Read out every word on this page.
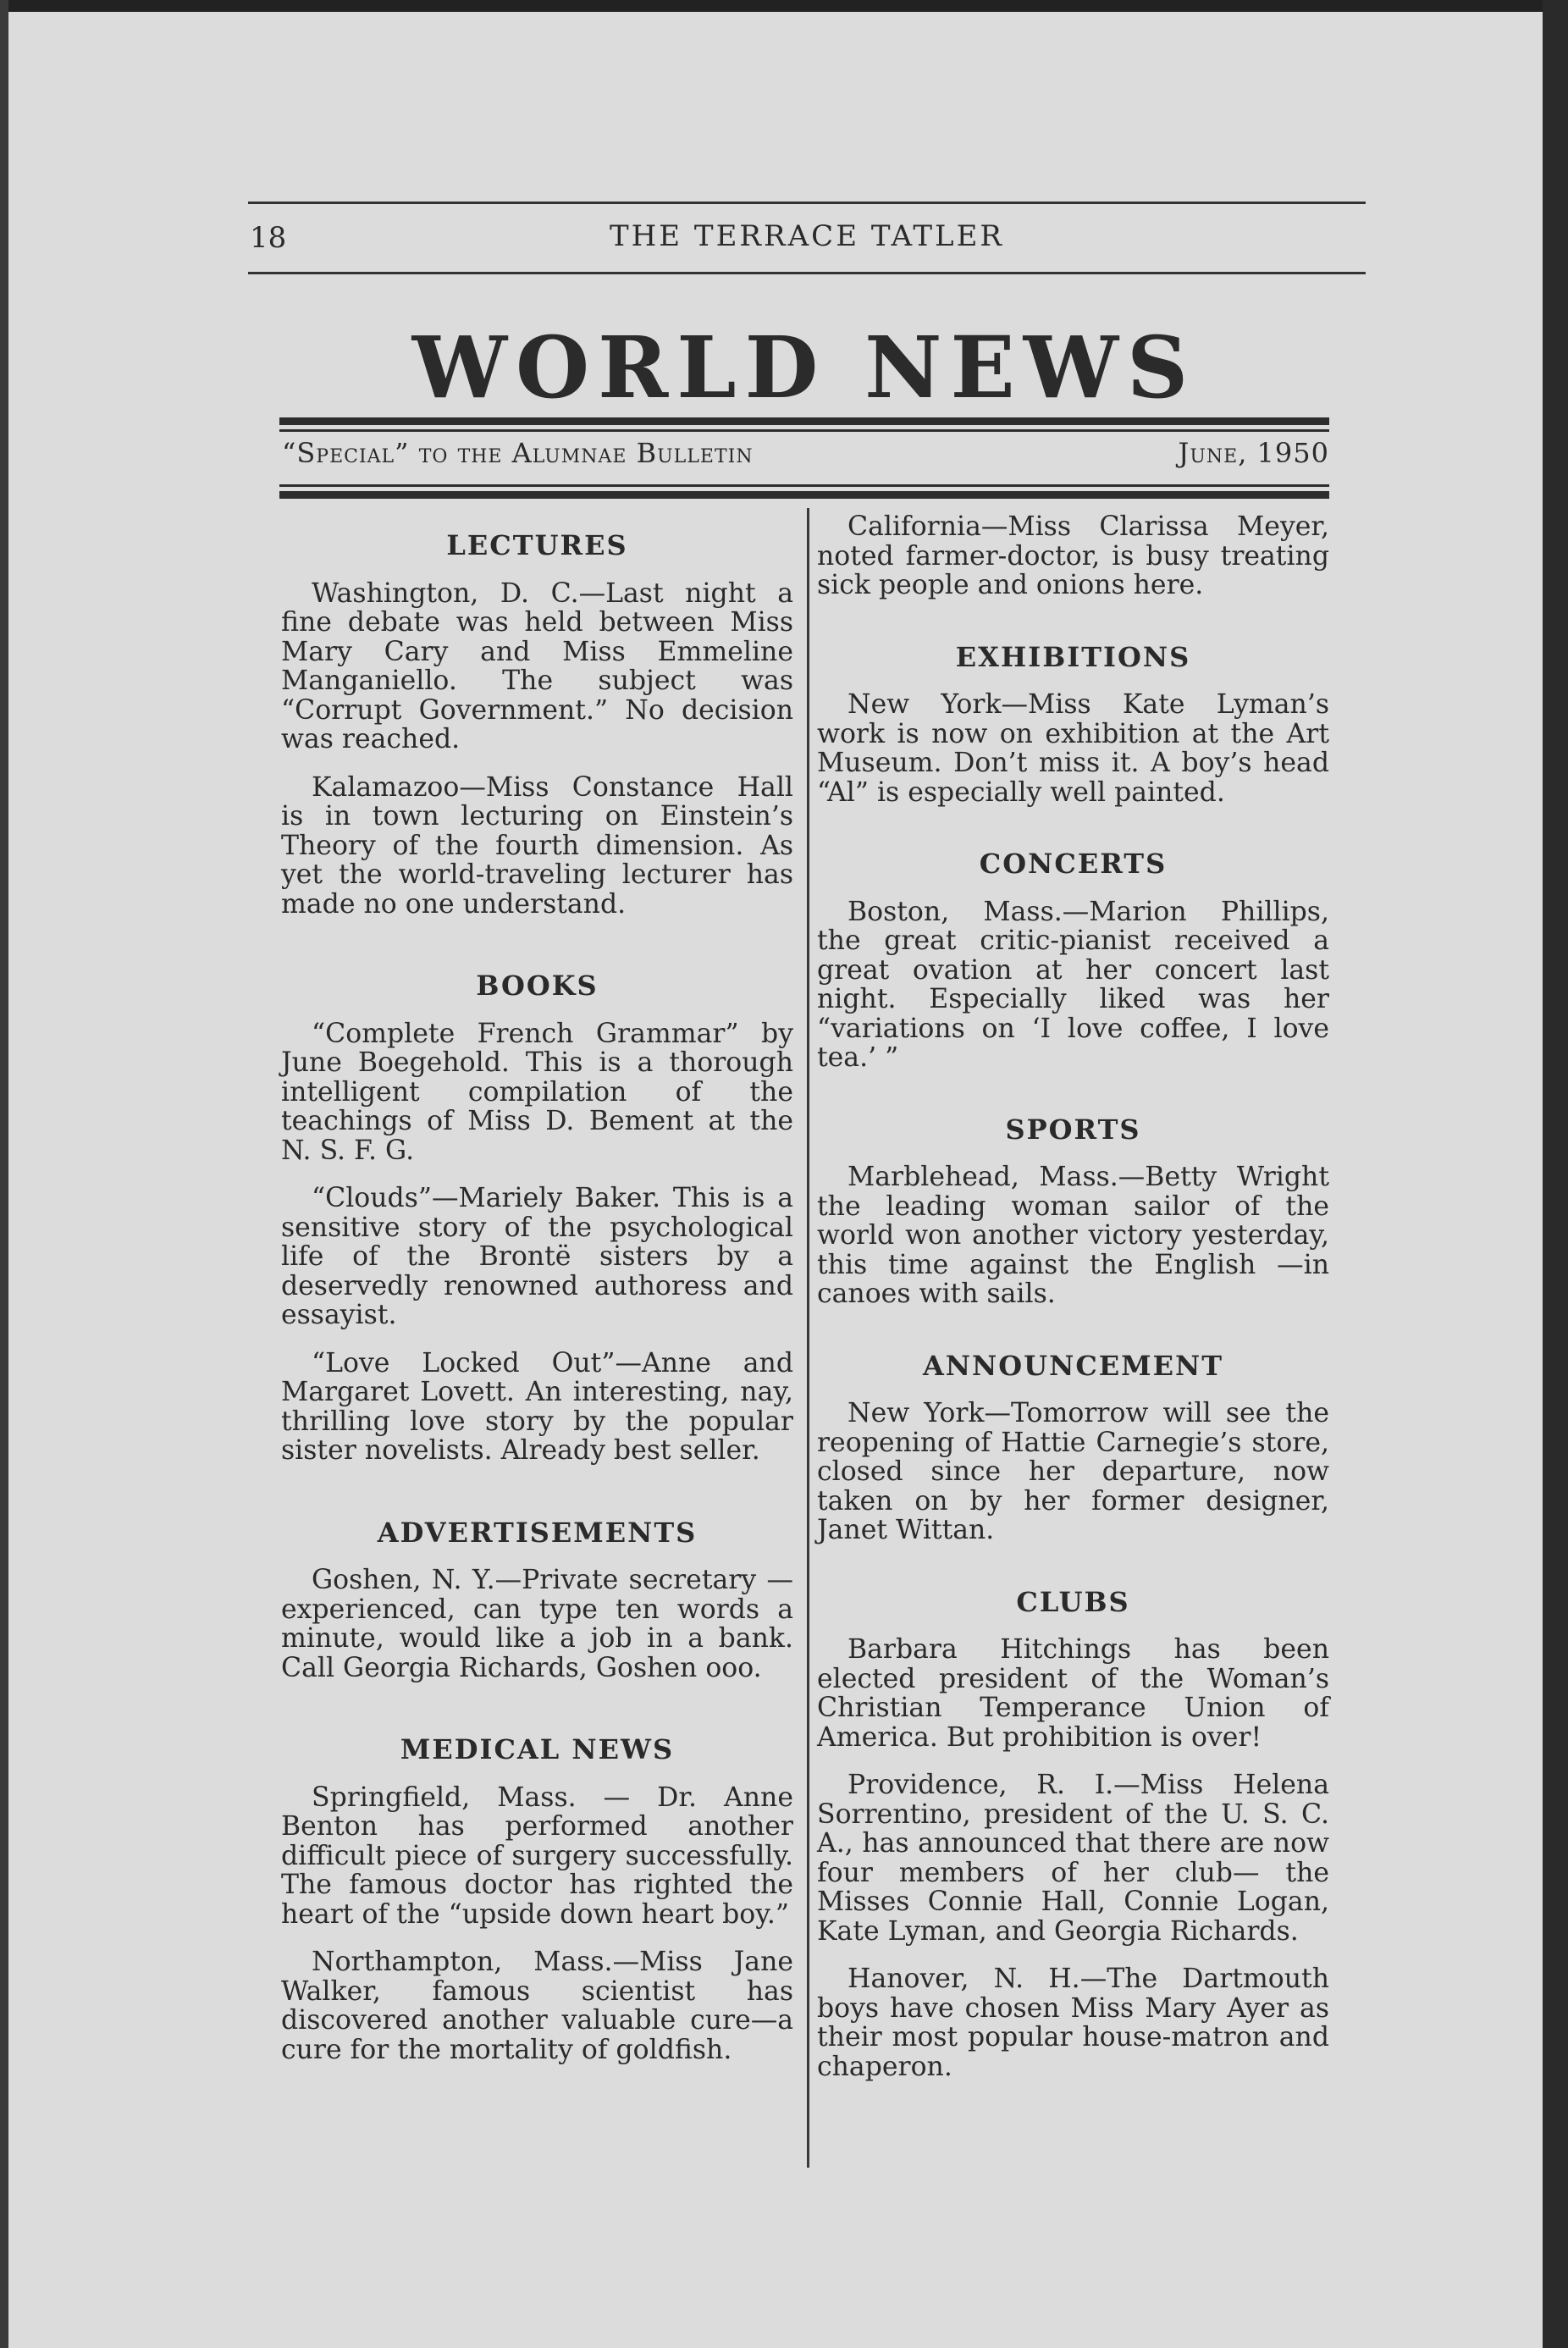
18	THE TERRACE TATLER
WORLD NEWS
“Special” to the Alumnae Bulletin	June, 1950
LECTURES

Washington, D. C.—Last night a fine debate was held between Miss Mary Cary and Miss Emmeline Manganiello. The subject was “Corrupt Government.” No decision was reached.

Kalamazoo—Miss Constance Hall is in town lecturing on Einstein’s Theory of the fourth dimension. As yet the world-traveling lecturer has made no one understand.

BOOKS

“Complete French Grammar” by June Boegehold. This is a thorough intelligent compilation of the teachings of Miss D. Bement at the N. S. F. G.

“Clouds”—Mariely Baker. This is a sensitive story of the psychological life of the Brontë sisters by a deservedly renowned authoress and essayist.

“Love Locked Out”—Anne and Margaret Lovett. An interesting, nay, thrilling love story by the popular sister novelists. Already best seller.

ADVERTISEMENTS

Goshen, N. Y.—Private secretary —experienced, can type ten words a minute, would like a job in a bank. Call Georgia Richards, Goshen ooo.

MEDICAL NEWS

Springfield, Mass. — Dr. Anne Benton has performed another difficult piece of surgery successfully. The famous doctor has righted the heart of the “upside down heart boy.”

Northampton, Mass.—Miss Jane Walker, famous scientist has discovered another valuable cure—a cure for the mortality of goldfish.

California—Miss Clarissa Meyer, noted farmer-doctor, is busy treating sick people and onions here.

EXHIBITIONS

New York—Miss Kate Lyman’s work is now on exhibition at the Art Museum. Don’t miss it. A boy’s head “Al” is especially well painted.

CONCERTS

Boston, Mass.—Marion Phillips, the great critic-pianist received a great ovation at her concert last night. Especially liked was her “variations on ‘I love coffee, I love tea.’ ”

SPORTS

Marblehead, Mass.—Betty Wright the leading woman sailor of the world won another victory yesterday, this time against the English —in canoes with sails.

ANNOUNCEMENT

New York—Tomorrow will see the reopening of Hattie Carnegie’s store, closed since her departure, now taken on by her former designer, Janet Wittan.

CLUBS

Barbara Hitchings has been elected president of the Woman’s Christian Temperance Union of America. But prohibition is over!

Providence, R. I.—Miss Helena Sorrentino, president of the U. S. C. A., has announced that there are now four members of her club— the Misses Connie Hall, Connie Logan, Kate Lyman, and Georgia Richards.

Hanover, N. H.—The Dartmouth boys have chosen Miss Mary Ayer as their most popular house-matron and chaperon.
